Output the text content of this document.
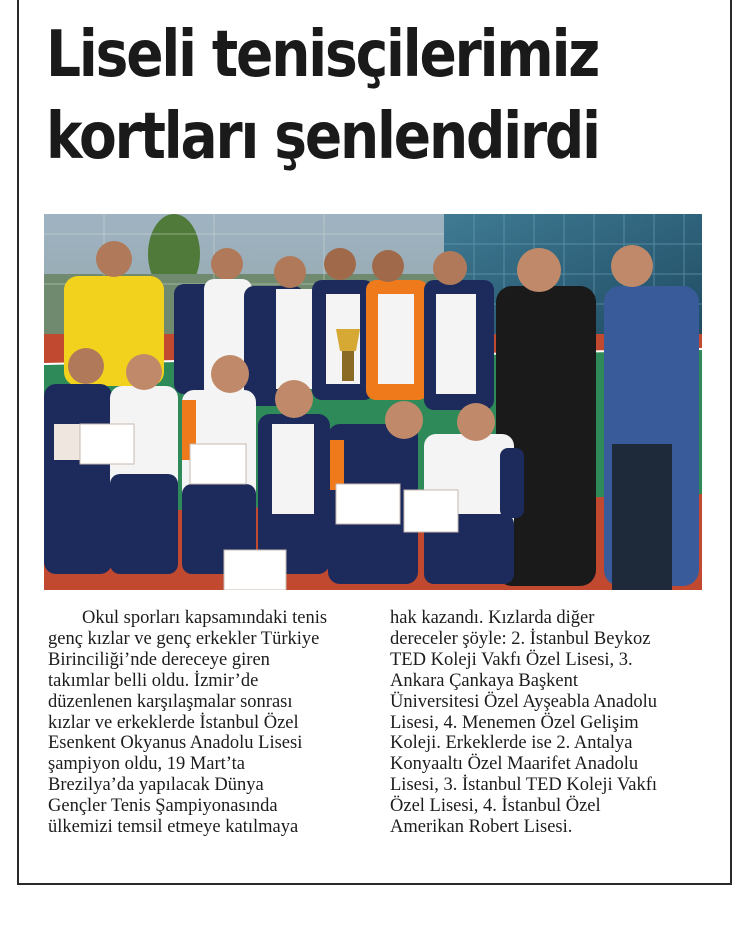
Liseli tenisçilerimiz
kortları şenlendirdi

Okul sporları kapsamındaki tenis
genç kızlar ve genç erkekler Türkiye
Birinciliği’nde dereceye giren
takımlar belli oldu. İzmir’de
düzenlenen karşılaşmalar sonrası
kızlar ve erkeklerde İstanbul Özel
Esenkent Okyanus Anadolu Lisesi
şampiyon oldu, 19 Mart’ta
Brezilya’da yapılacak Dünya
Gençler Tenis Şampiyonasında
ülkemizi temsil etmeye katılmaya

hak kazandı. Kızlarda diğer
dereceler şöyle: 2. İstanbul Beykoz
TED Koleji Vakfı Özel Lisesi, 3.
Ankara Çankaya Başkent
Üniversitesi Özel Ayşeabla Anadolu
Lisesi, 4. Menemen Özel Gelişim
Koleji. Erkeklerde ise 2. Antalya
Konyaaltı Özel Maarifet Anadolu
Lisesi, 3. İstanbul TED Koleji Vakfı
Özel Lisesi, 4. İstanbul Özel
Amerikan Robert Lisesi.
